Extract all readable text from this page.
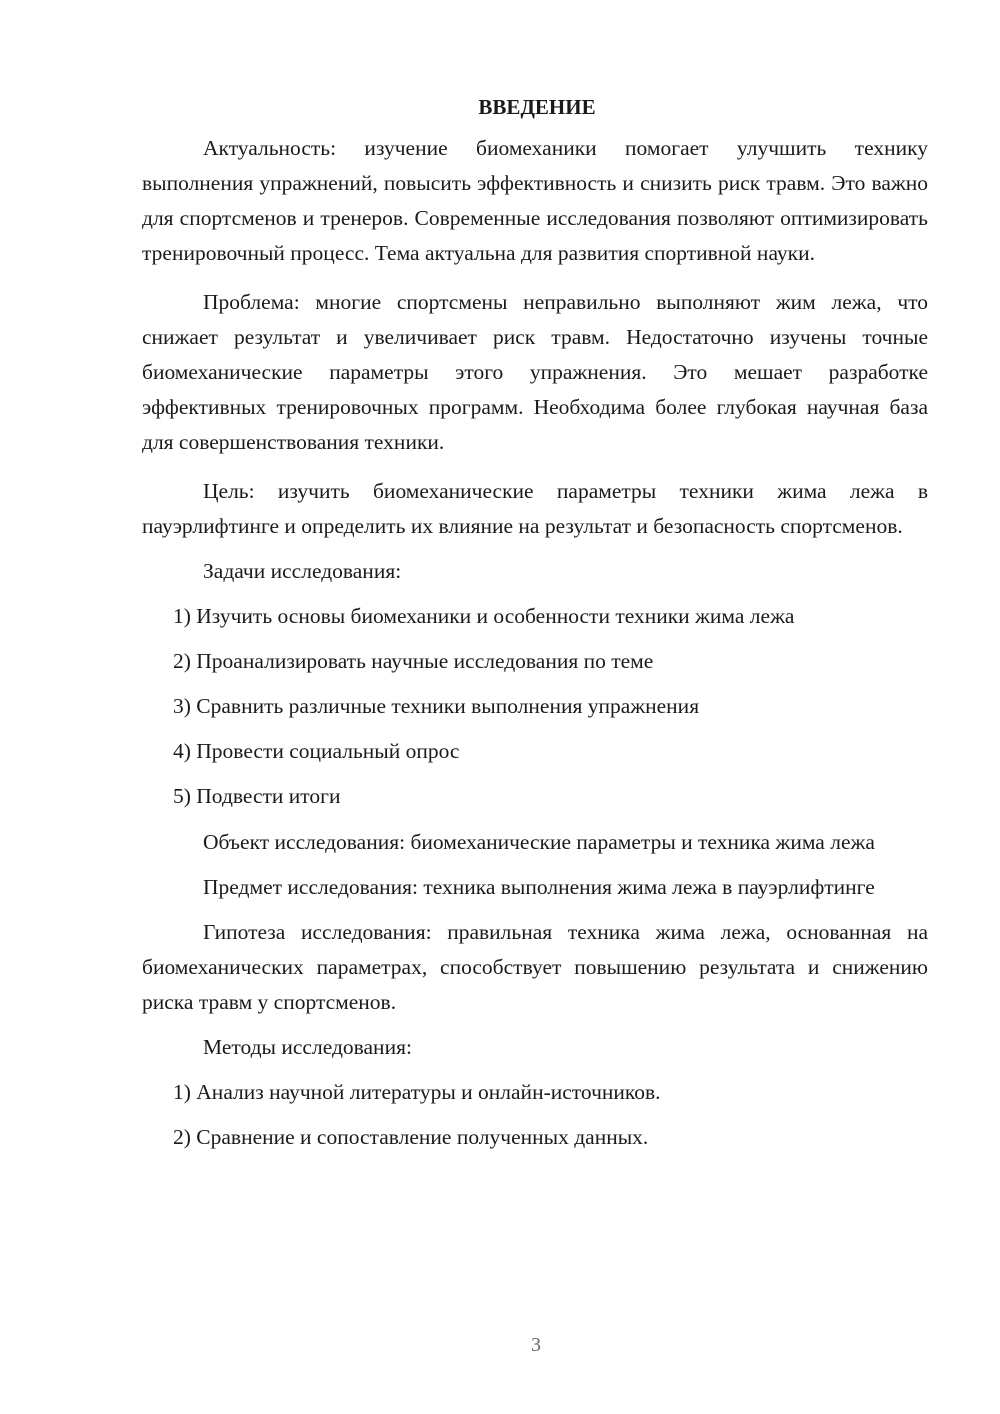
ВВЕДЕНИЕ

Актуальность: изучение биомеханики помогает улучшить технику выполнения упражнений, повысить эффективность и снизить риск травм. Это важно для спортсменов и тренеров. Современные исследования позволяют оптимизировать тренировочный процесс. Тема актуальна для развития спортивной науки.

Проблема: многие спортсмены неправильно выполняют жим лежа, что снижает результат и увеличивает риск травм. Недостаточно изучены точные биомеханические параметры этого упражнения. Это мешает разработке эффективных тренировочных программ. Необходима более глубокая научная база для совершенствования техники.

Цель: изучить биомеханические параметры техники жима лежа в пауэрлифтинге и определить их влияние на результат и безопасность спортсменов.

Задачи исследования:

1) Изучить основы биомеханики и особенности техники жима лежа
2) Проанализировать научные исследования по теме
3) Сравнить различные техники выполнения упражнения
4) Провести социальный опрос
5) Подвести итоги

Объект исследования: биомеханические параметры и техника жима лежа

Предмет исследования: техника выполнения жима лежа в пауэрлифтинге

Гипотеза исследования: правильная техника жима лежа, основанная на биомеханических параметрах, способствует повышению результата и снижению риска травм у спортсменов.

Методы исследования:

1) Анализ научной литературы и онлайн-источников.
2) Сравнение и сопоставление полученных данных.
3
